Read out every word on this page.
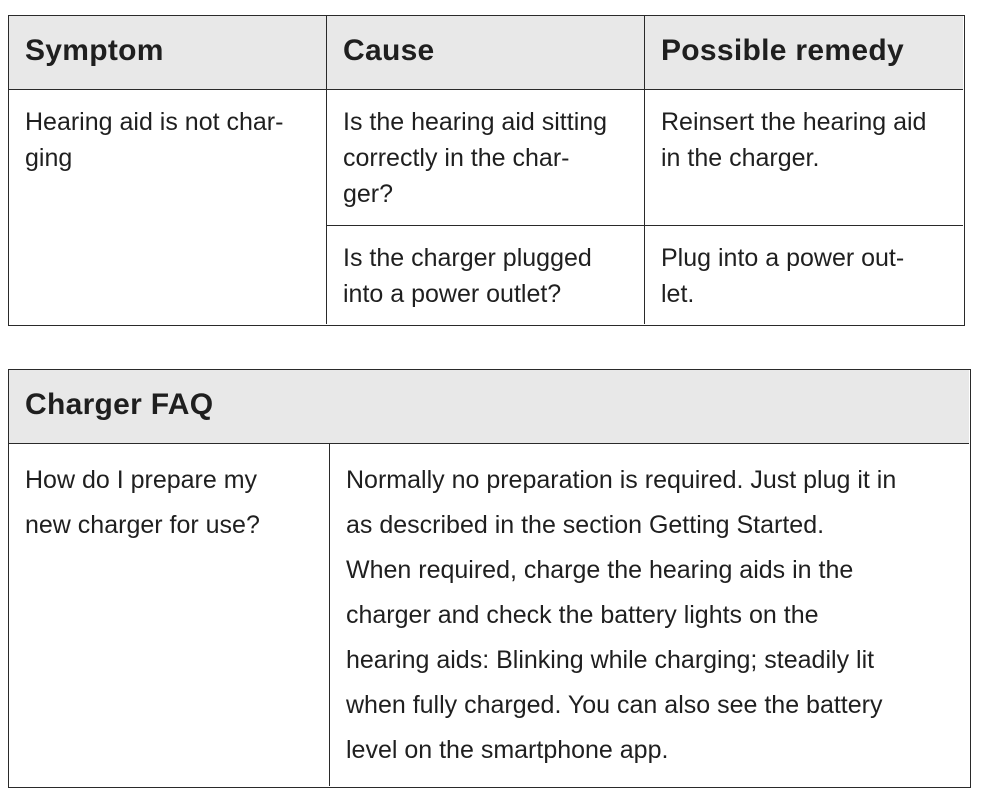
Symptom	Cause	Possible remedy
Hearing aid is not char-
ging
Is the hearing aid sitting
correctly in the char-
ger?
Reinsert the hearing aid
in the charger.
Is the charger plugged
into a power outlet?
Plug into a power out-
let.
Charger FAQ
How do I prepare my
new charger for use?
Normally no preparation is required. Just plug it in
as described in the section Getting Started.
When required, charge the hearing aids in the
charger and check the battery lights on the
hearing aids: Blinking while charging; steadily lit
when fully charged. You can also see the battery
level on the smartphone app.
